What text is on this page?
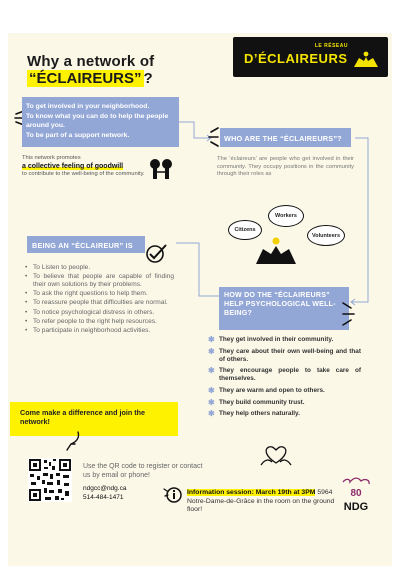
Why a network of
“ÉCLAIREURS” ?
LE RÉSEAU
D’ÉCLAIREURS
To get involved in your neighborhood.
To know what you can do to help the people around you.
To be part of a support network.
This network promotes
a collective feeling of goodwill
to contribute to the well-being of the community.
WHO ARE THE “ÉCLAIREURS”?
The ‘éclaireurs’ are people who get involved in their community. They occupy positions in the community through their roles as
Workers
Citizens
Volunteers
BEING AN “ÉCLAIREUR” IS
• To Listen to people.
• To believe that people are capable of finding their own solutions by their problems.
• To ask the right questions to help them.
• To reassure people that difficulties are normal.
• To notice psychological distress in others.
• To refer people to the right help resources.
• To participate in neighborhood activities.
HOW DO THE “ÉCLAIREURS” HELP PSYCHOLOGICAL WELL-BEING?
✱ They get involved in their community.
✱ They care about their own well-being and that of others.
✱ They encourage people to take care of themselves.
✱ They are warm and open to others.
✱ They build community trust.
✱ They help others naturally.
Come make a difference and join the network!
Use the QR code to register or contact us by email or phone!
ndgcc@ndg.ca
514-484-1471
Information session: March 19th at 3PM 5964 Notre-Dame-de-Grâce in the room on the ground floor!
80
NDG
